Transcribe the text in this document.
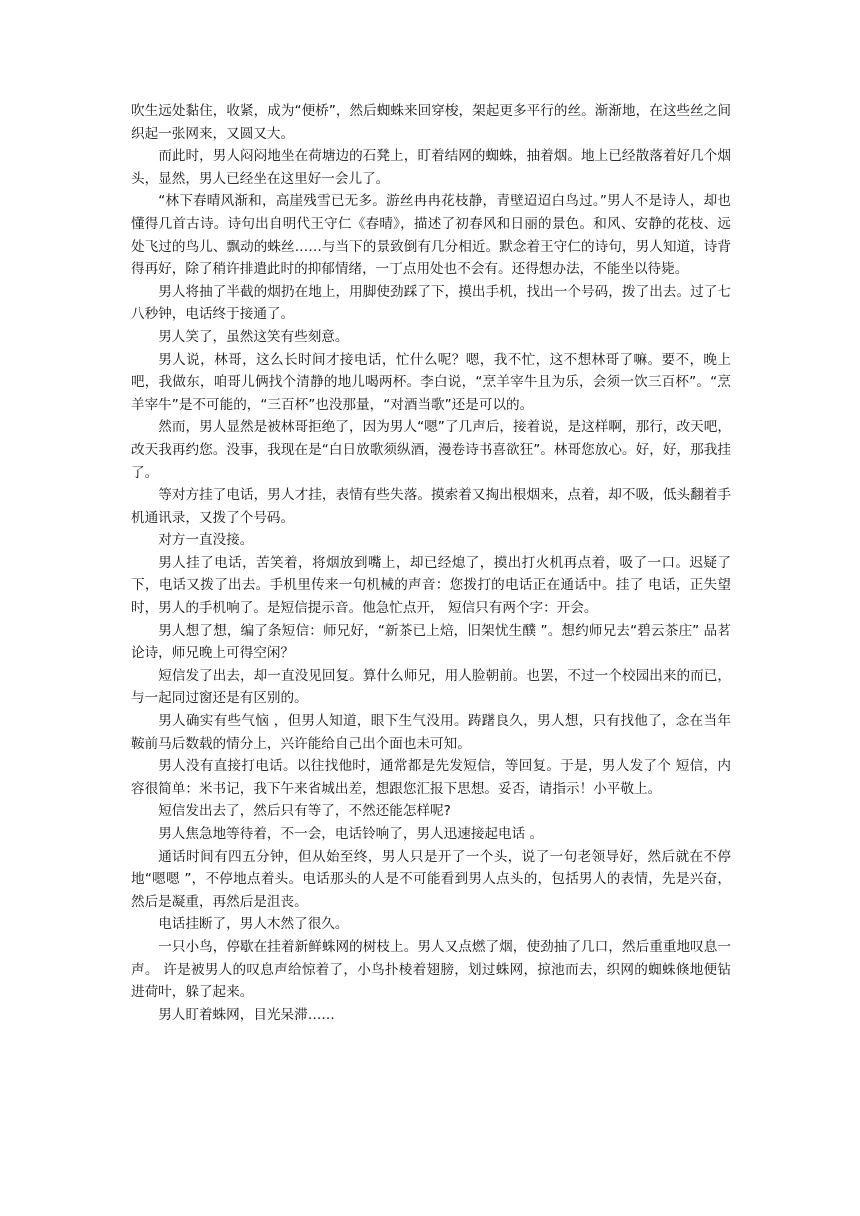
吹生远处黏住，收紧，成为“便桥”，然后蜘蛛来回穿梭，架起更多平行的丝。渐渐地，在这些丝之间织起一张网来，又圆又大。

而此时，男人闷闷地坐在荷塘边的石凳上，盯着结网的蜘蛛，抽着烟。地上已经散落着好几个烟头，显然，男人已经坐在这里好一会儿了。

“林下春晴风渐和，高崖残雪已无多。游丝冉冉花枝静，青壁迢迢白鸟过。”男人不是诗人，却也懂得几首古诗。诗句出自明代王守仁《春晴》，描述了初春风和日丽的景色。和风、安静的花枝、远处飞过的鸟儿、飘动的蛛丝……与当下的景致倒有几分相近。默念着王守仁的诗句，男人知道，诗背得再好，除了稍许排遣此时的抑郁情绪，一丁点用处也不会有。还得想办法，不能坐以待毙。

男人将抽了半截的烟扔在地上，用脚使劲踩了下，摸出手机，找出一个号码，拨了出去。过了七八秒钟，电话终于接通了。

男人笑了，虽然这笑有些刻意。

男人说，林哥，这么长时间才接电话，忙什么呢？嗯，我不忙，这不想林哥了嘛。要不，晚上吧，我做东，咱哥儿俩找个清静的地儿喝两杯。李白说，“烹羊宰牛且为乐，会须一饮三百杯”。“烹羊宰牛”是不可能的，“三百杯”也没那量，“对酒当歌”还是可以的。

然而，男人显然是被林哥拒绝了，因为男人“嗯”了几声后，接着说，是这样啊，那行，改天吧，改天我再约您。没事，我现在是“白日放歌须纵酒，漫卷诗书喜欲狂”。林哥您放心。好，好，那我挂了。

等对方挂了电话，男人才挂，表情有些失落。摸索着又掏出根烟来，点着，却不吸，低头翻着手机通讯录，又拨了个号码。

对方一直没接。

男人挂了电话，苦笑着，将烟放到嘴上，却已经熄了，摸出打火机再点着，吸了一口。迟疑了下，电话又拨了出去。手机里传来一句机械的声音：您拨打的电话正在通话中。挂了 电话，正失望时，男人的手机响了。是短信提示音。他急忙点开， 短信只有两个字：开会。

男人想了想，编了条短信：师兄好，“新茶已上焙，旧架忧生醭 ”。想约师兄去“碧云茶庄” 品茗论诗，师兄晚上可得空闲？

短信发了出去，却一直没见回复。算什么师兄，用人脸朝前。也罢，不过一个校园出来的而已，与一起同过窗还是有区别的。

男人确实有些气恼 ，但男人知道，眼下生气没用。踌躇良久，男人想，只有找他了，念在当年鞍前马后数载的情分上，兴许能给自己出个面也未可知。

男人没有直接打电话。以往找他时，通常都是先发短信，等回复。于是，男人发了个 短信，内容很简单：米书记，我下午来省城出差，想跟您汇报下思想。妥否，请指示！小平敬上。

短信发出去了，然后只有等了，不然还能怎样呢?

男人焦急地等待着，不一会，电话铃响了，男人迅速接起电话 。

通话时间有四五分钟，但从始至终，男人只是开了一个头，说了一句老领导好，然后就在不停地“嗯嗯 ”，不停地点着头。电话那头的人是不可能看到男人点头的，包括男人的表情，先是兴奋，然后是凝重，再然后是沮丧。

电话挂断了，男人木然了很久。

一只小鸟，停歇在挂着新鲜蛛网的树枝上。男人又点燃了烟，使劲抽了几口，然后重重地叹息一声。 许是被男人的叹息声给惊着了，小鸟扑棱着翅膀，划过蛛网，掠池而去，织网的蜘蛛倏地便钻进荷叶，躲了起来。

男人盯着蛛网，目光呆滞……
